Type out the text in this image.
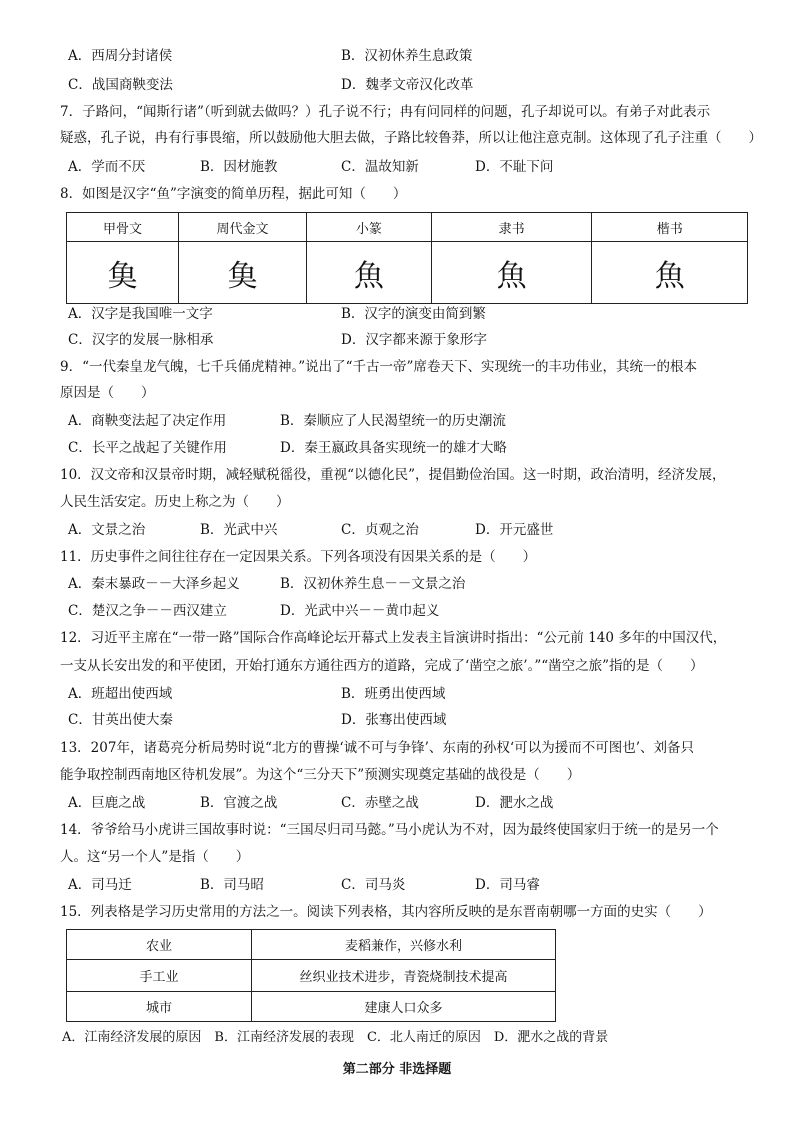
A．西周分封诸侯	B．汉初休养生息政策
C．战国商鞅变法	D．魏孝文帝汉化改革
7．子路问，“闻斯行诸”（听到就去做吗？）孔子说不行；冉有问同样的问题，孔子却说可以。有弟子对此表示
疑惑，孔子说，冉有行事畏缩，所以鼓励他大胆去做，子路比较鲁莽，所以让他注意克制。这体现了孔子注重（　　）
A．学而不厌	B．因材施教	C．温故知新	D．不耻下问
8．如图是汉字“鱼”字演变的简单历程，据此可知（　　）
甲骨文	周代金文	小篆	隶书	楷书
𩵋	𩵋	魚	魚	魚
A．汉字是我国唯一文字	B．汉字的演变由简到繁
C．汉字的发展一脉相承	D．汉字都来源于象形字
9．“一代秦皇龙气魄，七千兵俑虎精神。”说出了“千古一帝”席卷天下、实现统一的丰功伟业，其统一的根本
原因是（　　）
A．商鞅变法起了决定作用	B．秦顺应了人民渴望统一的历史潮流
C．长平之战起了关键作用	D．秦王嬴政具备实现统一的雄才大略
10．汉文帝和汉景帝时期，减轻赋税徭役，重视“以德化民”，提倡勤俭治国。这一时期，政治清明，经济发展，
人民生活安定。历史上称之为（　　）
A．文景之治	B．光武中兴	C．贞观之治	D．开元盛世
11．历史事件之间往往存在一定因果关系。下列各项没有因果关系的是（　　）
A．秦末暴政－－大泽乡起义	B．汉初休养生息－－文景之治
C．楚汉之争－－西汉建立	D．光武中兴－－黄巾起义
12．习近平主席在“一带一路”国际合作高峰论坛开幕式上发表主旨演讲时指出：“公元前 140 多年的中国汉代，
一支从长安出发的和平使团，开始打通东方通往西方的道路，完成了‘凿空之旅’。”“凿空之旅”指的是（　　）
A．班超出使西域	B．班勇出使西域
C．甘英出使大秦	D．张骞出使西域
13．207年，诸葛亮分析局势时说“北方的曹操‘诚不可与争锋’、东南的孙权‘可以为援而不可图也’、刘备只
能争取控制西南地区待机发展”。为这个“三分天下”预测实现奠定基础的战役是（　　）
A．巨鹿之战	B．官渡之战	C．赤壁之战	D．淝水之战
14．爷爷给马小虎讲三国故事时说：“三国尽归司马懿。”马小虎认为不对，因为最终使国家归于统一的是另一个
人。这“另一个人”是指（　　）
A．司马迁	B．司马昭	C．司马炎	D．司马睿
15．列表格是学习历史常用的方法之一。阅读下列表格，其内容所反映的是东晋南朝哪一方面的史实（　　）
农业	麦稻兼作，兴修水利
手工业	丝织业技术进步，青瓷烧制技术提高
城市	建康人口众多
A．江南经济发展的原因　B．江南经济发展的表现　C．北人南迁的原因　D．淝水之战的背景
第二部分 非选择题
